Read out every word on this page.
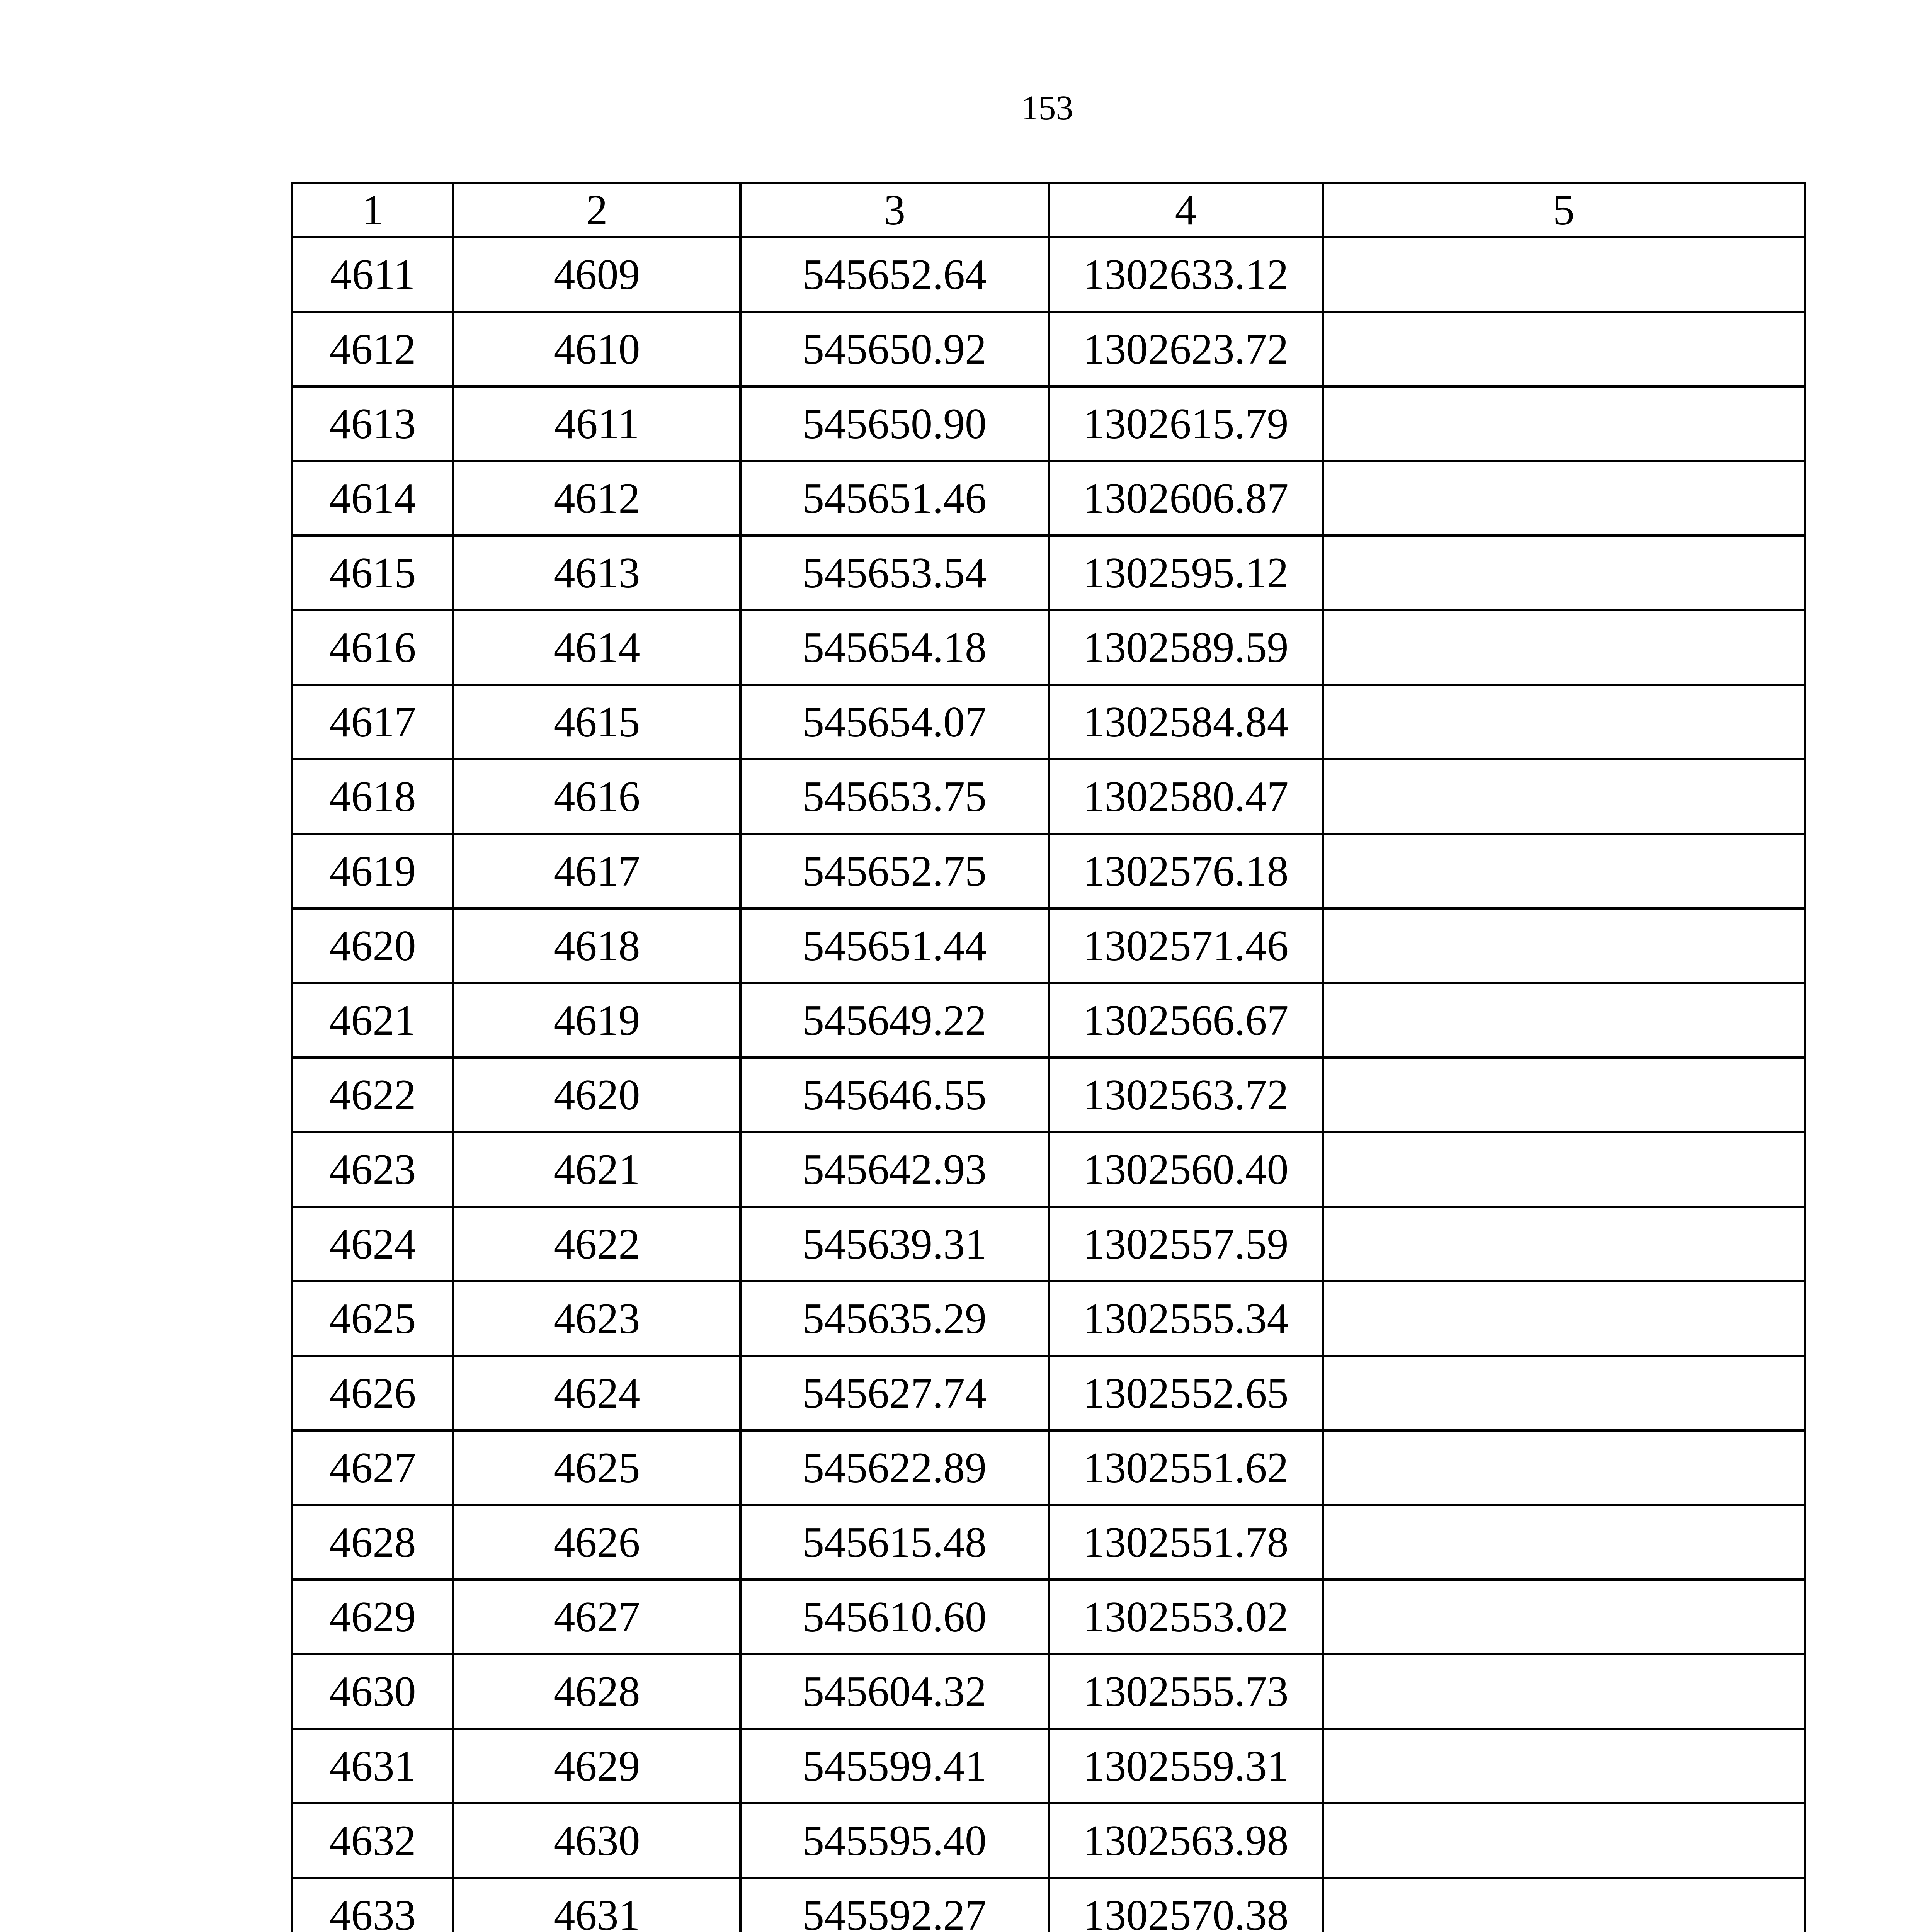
153
1	2	3	4	5
4611	4609	545652.64	1302633.12	
4612	4610	545650.92	1302623.72	
4613	4611	545650.90	1302615.79	
4614	4612	545651.46	1302606.87	
4615	4613	545653.54	1302595.12	
4616	4614	545654.18	1302589.59	
4617	4615	545654.07	1302584.84	
4618	4616	545653.75	1302580.47	
4619	4617	545652.75	1302576.18	
4620	4618	545651.44	1302571.46	
4621	4619	545649.22	1302566.67	
4622	4620	545646.55	1302563.72	
4623	4621	545642.93	1302560.40	
4624	4622	545639.31	1302557.59	
4625	4623	545635.29	1302555.34	
4626	4624	545627.74	1302552.65	
4627	4625	545622.89	1302551.62	
4628	4626	545615.48	1302551.78	
4629	4627	545610.60	1302553.02	
4630	4628	545604.32	1302555.73	
4631	4629	545599.41	1302559.31	
4632	4630	545595.40	1302563.98	
4633	4631	545592.27	1302570.38	
